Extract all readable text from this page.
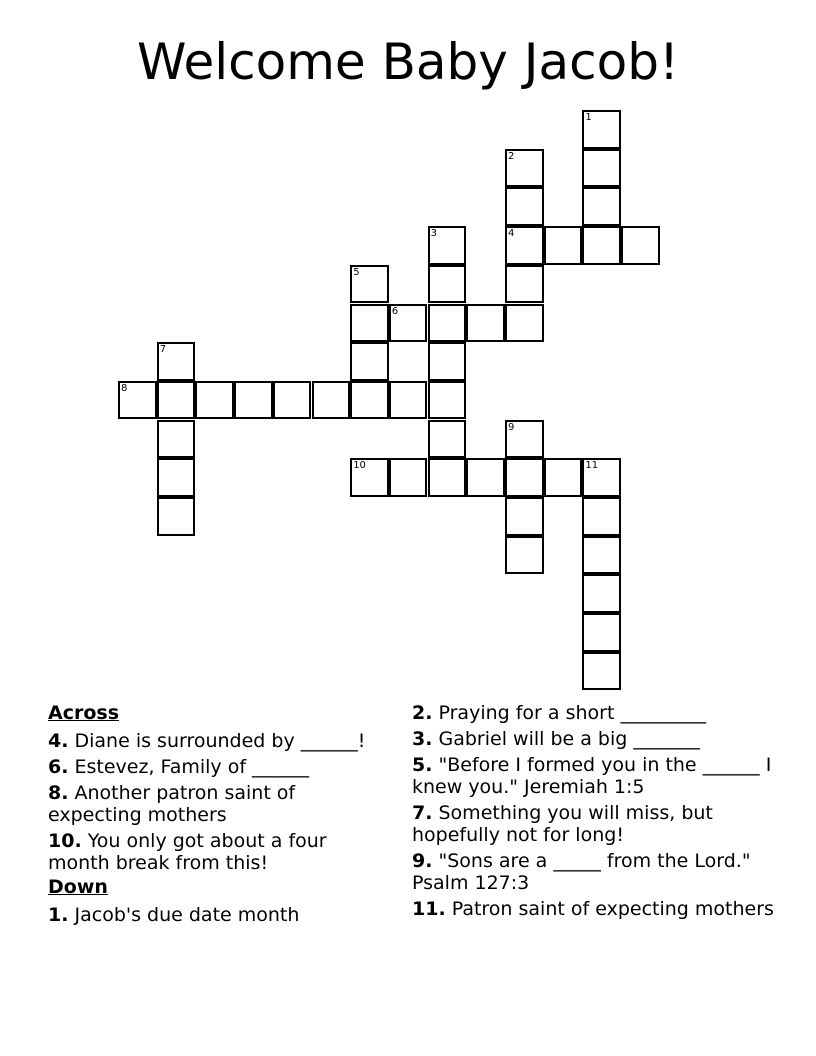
Welcome Baby Jacob!
1
2
3	4
5
6
7
8
9
10	11
Across
4. Diane is surrounded by ______!
6. Estevez, Family of ______
8. Another patron saint of expecting mothers
10. You only got about a four month break from this!
Down
1. Jacob's due date month
2. Praying for a short _________
3. Gabriel will be a big _______
5. "Before I formed you in the ______ I knew you." Jeremiah 1:5
7. Something you will miss, but hopefully not for long!
9. "Sons are a _____ from the Lord." Psalm 127:3
11. Patron saint of expecting mothers
